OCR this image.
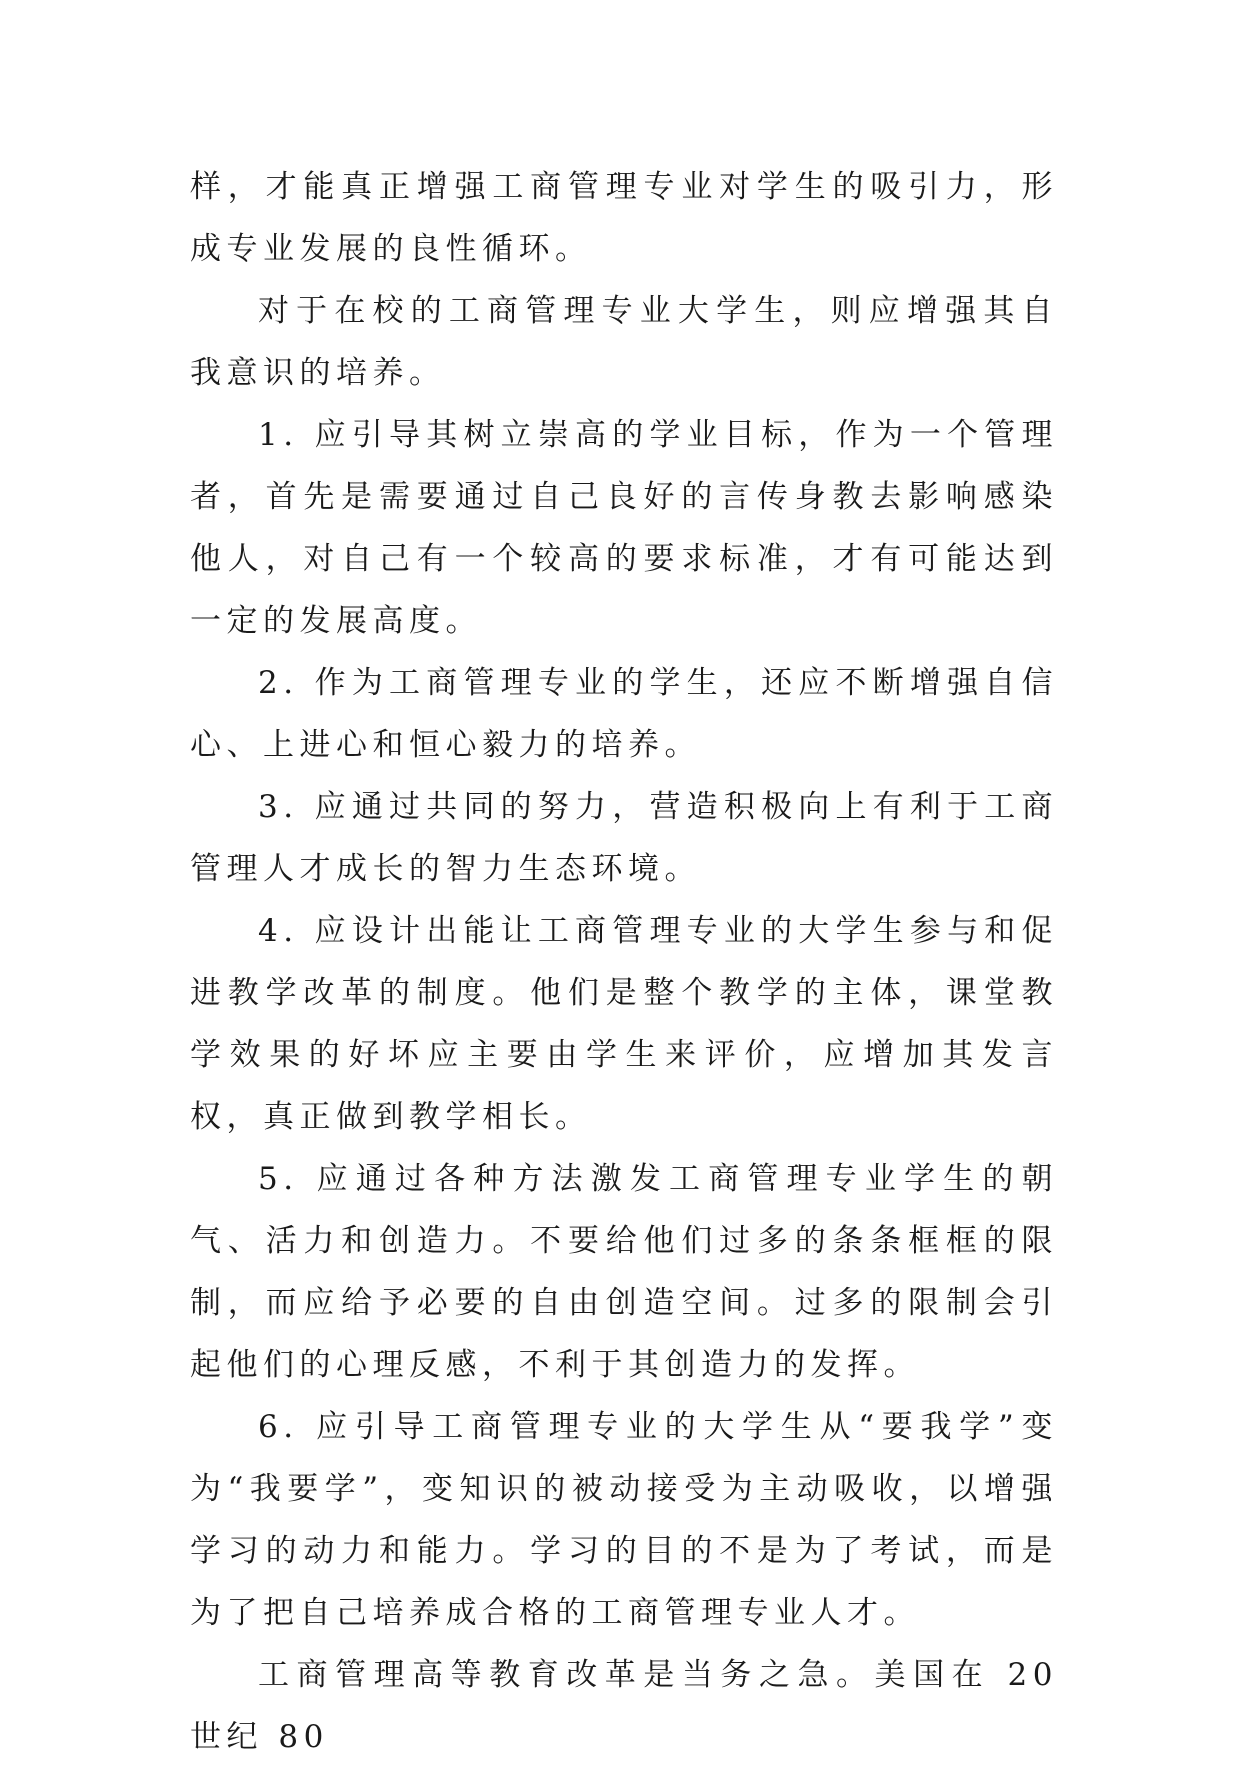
样，才能真正增强工商管理专业对学生的吸引力，形成专业发展的良性循环。

对于在校的工商管理专业大学生，则应增强其自我意识的培养。

1. 应引导其树立崇高的学业目标，作为一个管理者，首先是需要通过自己良好的言传身教去影响感染他人，对自己有一个较高的要求标准，才有可能达到一定的发展高度。

2. 作为工商管理专业的学生，还应不断增强自信心、上进心和恒心毅力的培养。

3. 应通过共同的努力，营造积极向上有利于工商管理人才成长的智力生态环境。

4. 应设计出能让工商管理专业的大学生参与和促进教学改革的制度。他们是整个教学的主体，课堂教学效果的好坏应主要由学生来评价，应增加其发言权，真正做到教学相长。

5. 应通过各种方法激发工商管理专业学生的朝气、活力和创造力。不要给他们过多的条条框框的限制，而应给予必要的自由创造空间。过多的限制会引起他们的心理反感，不利于其创造力的发挥。

6. 应引导工商管理专业的大学生从“要我学”变为“我要学”，变知识的被动接受为主动吸收，以增强学习的动力和能力。学习的目的不是为了考试，而是为了把自己培养成合格的工商管理专业人才。

工商管理高等教育改革是当务之急。美国在 20 世纪 80
